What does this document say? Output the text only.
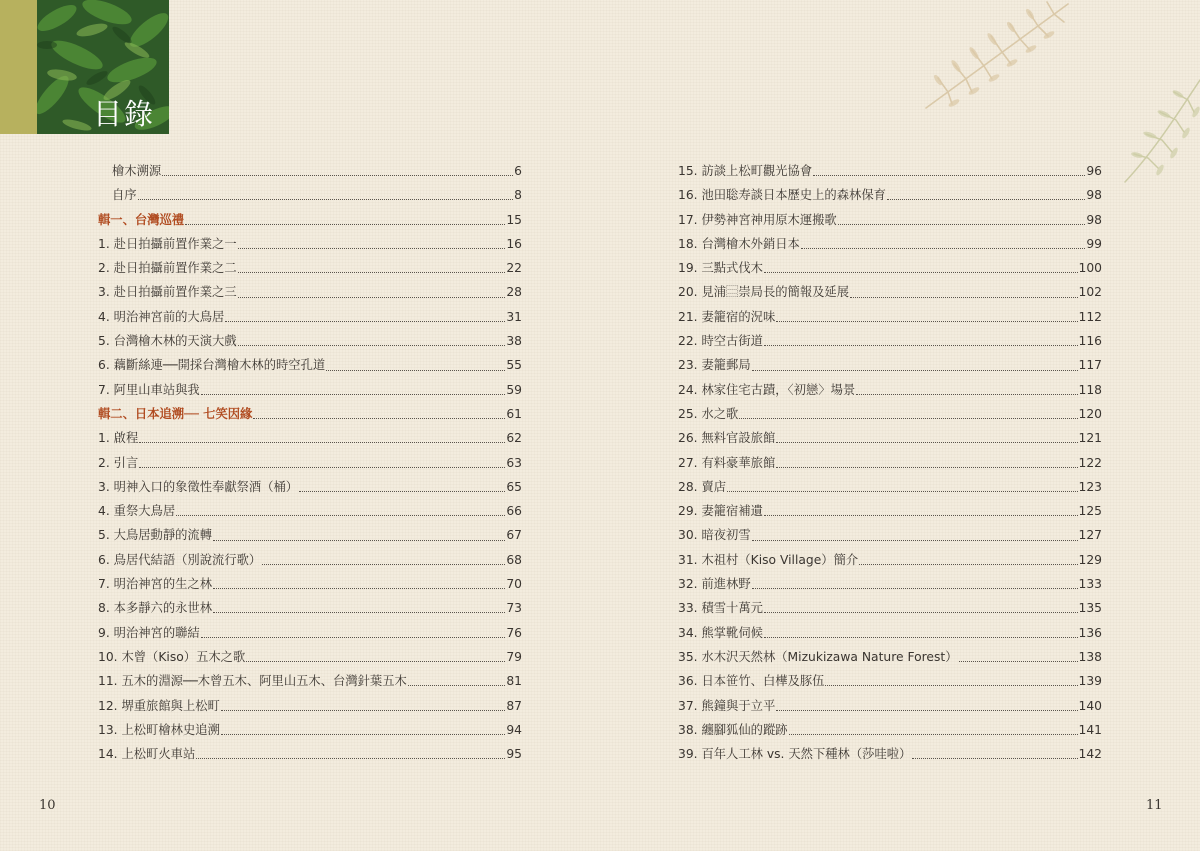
目錄
檜木溯源	6
自序	8
輯一、台灣巡禮	15
1. 赴日拍攝前置作業之一	16
2. 赴日拍攝前置作業之二	22
3. 赴日拍攝前置作業之三	28
4. 明治神宮前的大鳥居	31
5. 台灣檜木林的天演大戲	38
6. 藕斷絲連──開採台灣檜木林的時空孔道	55
7. 阿里山車站與我	59
輯二、日本追溯── 七笑因緣	61
1. 啟程	62
2. 引言	63
3. 明神入口的象徵性奉獻祭酒（桶）	65
4. 重祭大鳥居	66
5. 大鳥居動靜的流轉	67
6. 鳥居代結語（別說流行歌）	68
7. 明治神宮的生之林	70
8. 本多靜六的永世林	73
9. 明治神宮的聯結	76
10. 木曾（Kiso）五木之歌	79
11. 五木的淵源──木曾五木、阿里山五木、台灣針葉五木	81
12. 堺重旅館與上松町	87
13. 上松町檜林史追溯	94
14. 上松町火車站	95
15. 訪談上松町觀光協會	96
16. 池田聡寿談日本歷史上的森林保育	98
17. 伊勢神宮神用原木運搬歌	98
18. 台灣檜木外銷日本	99
19. 三點式伐木	100
20. 見浦⿳崇局長的簡報及延展	102
21. 妻籠宿的況味	112
22. 時空古街道	116
23. 妻籠郵局	117
24. 林家住宅古蹟，〈初戀〉場景	118
25. 水之歌	120
26. 無料官設旅館	121
27. 有料豪華旅館	122
28. 賣店	123
29. 妻籠宿補遺	125
30. 暗夜初雪	127
31. 木祖村（Kiso Village）簡介	129
32. 前進林野	133
33. 積雪十萬元	135
34. 熊掌靴伺候	136
35. 水木沢天然林（Mizukizawa Nature Forest）	138
36. 日本笹竹、白樺及豚伍	139
37. 熊鐘與于立平	140
38. 纏腳狐仙的蹤跡	141
39. 百年人工林 vs. 天然下種林（莎哇啦）	142
10	11
